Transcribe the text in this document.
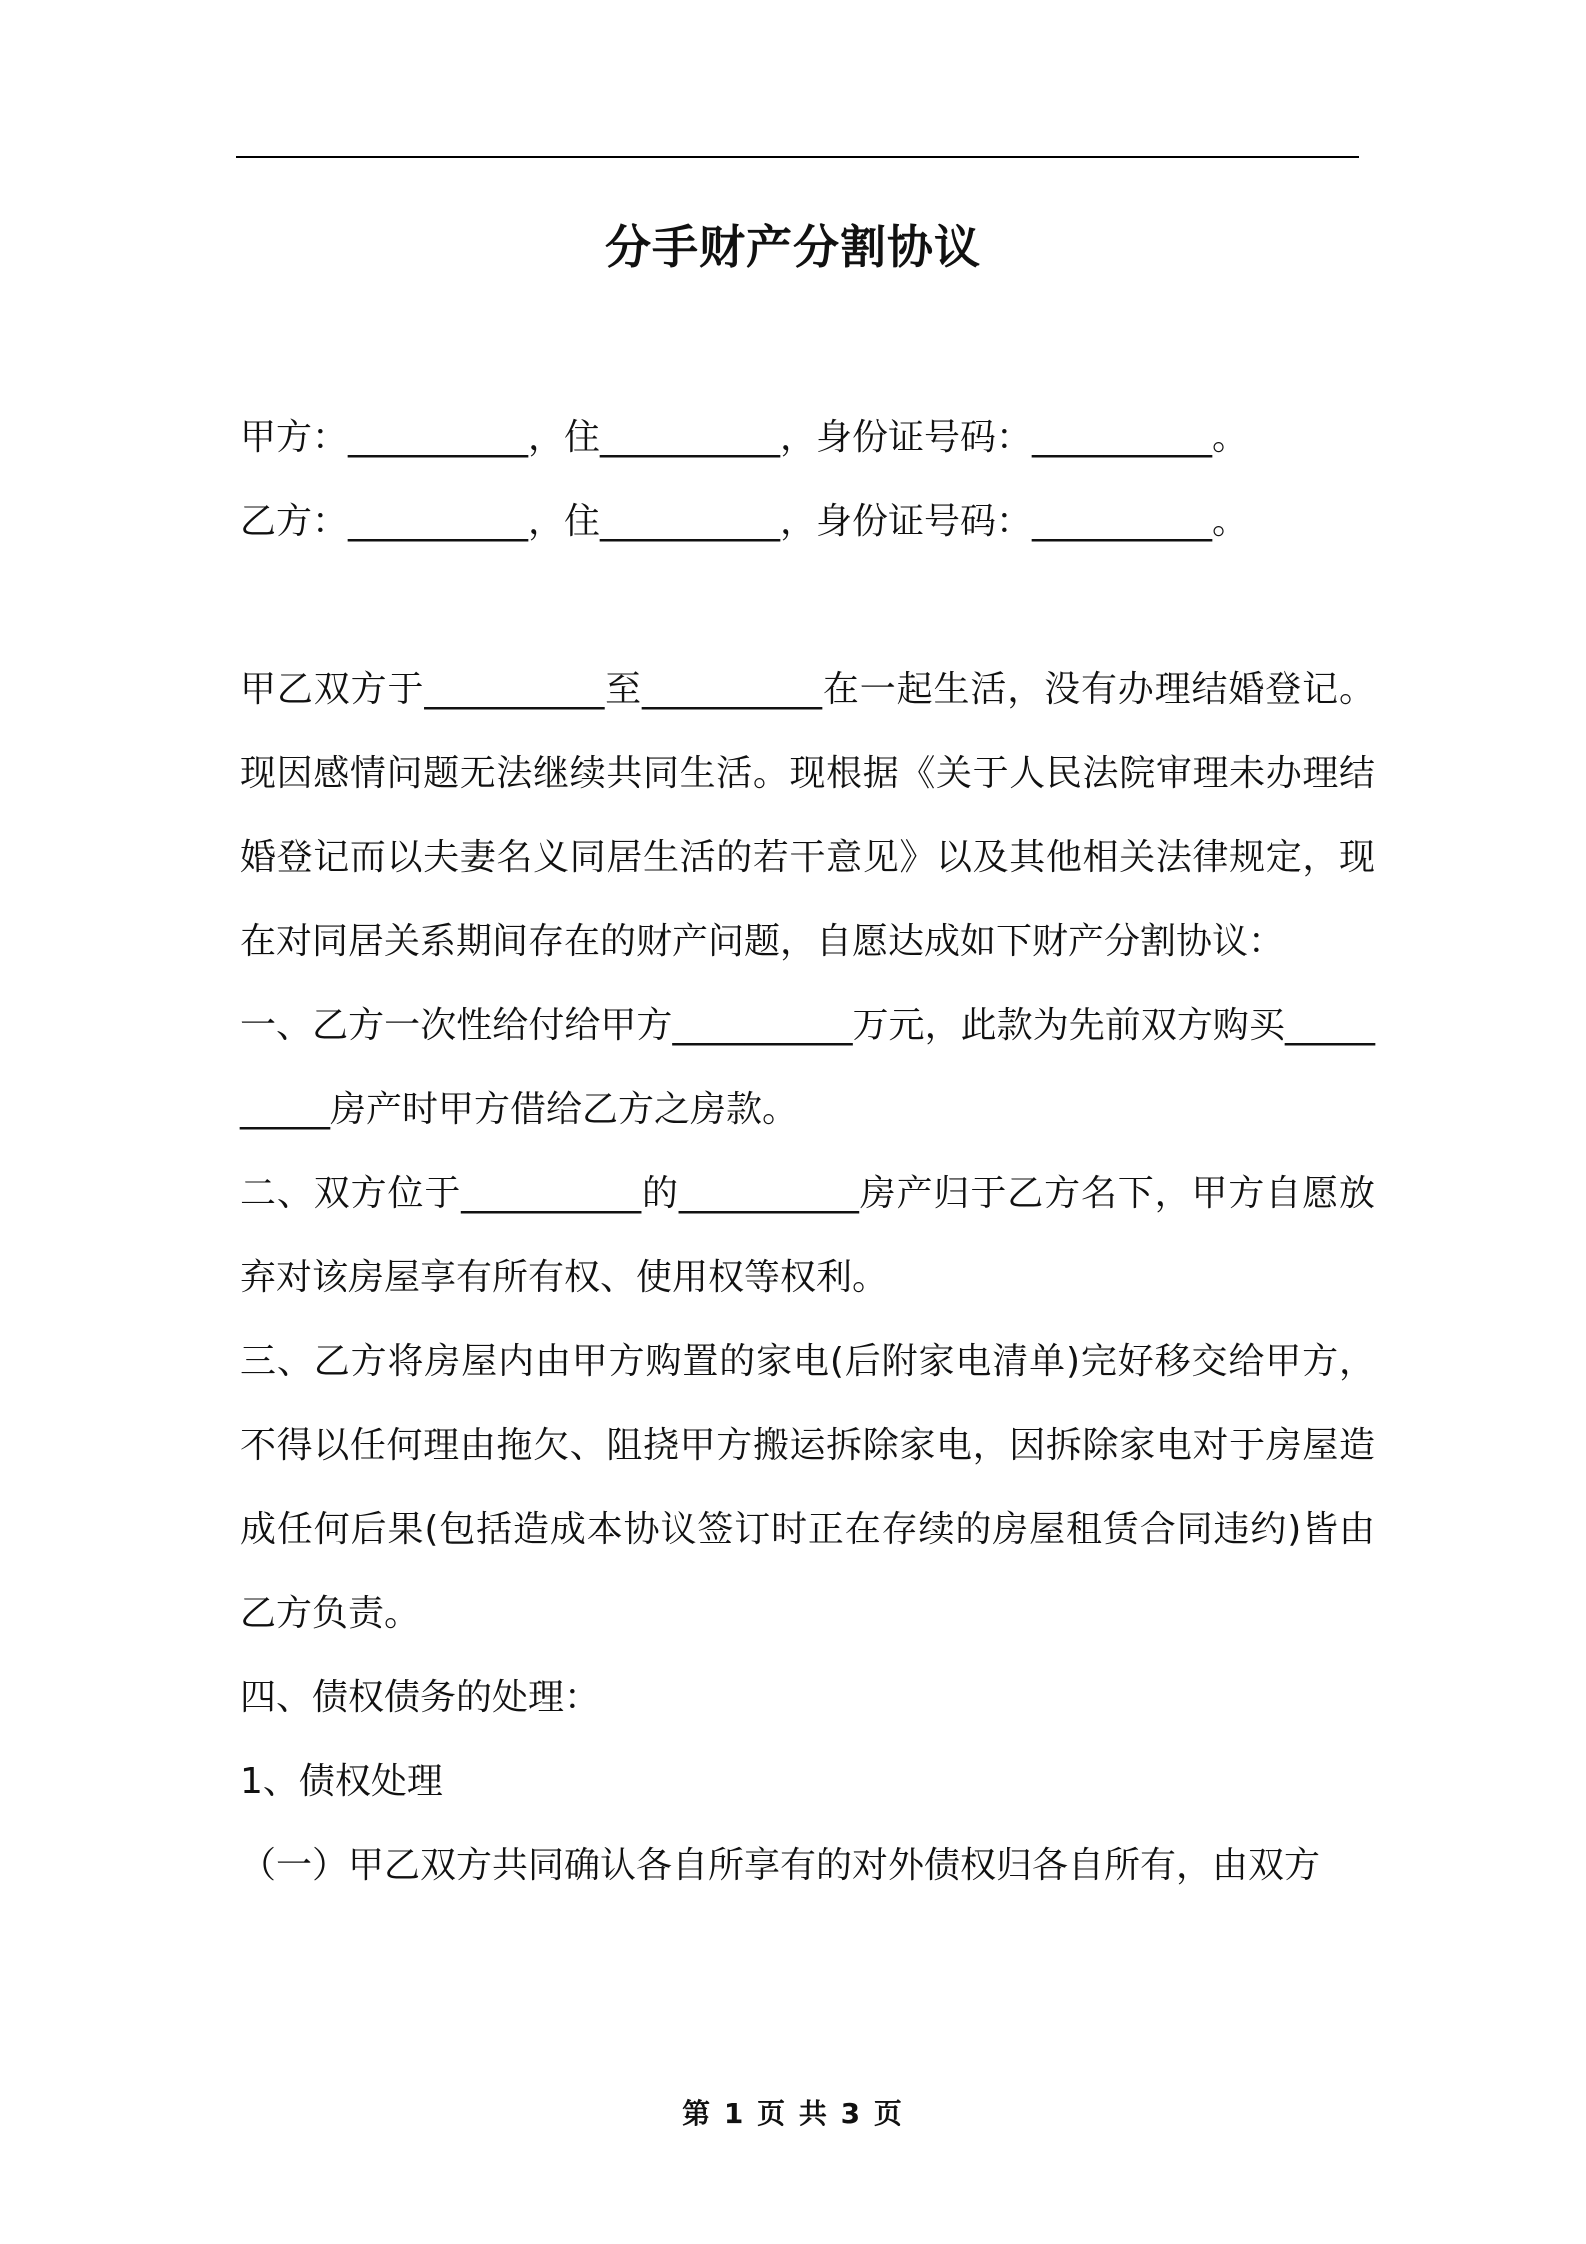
分手财产分割协议
甲方：__________，住__________，身份证号码：__________。
乙方：__________，住__________，身份证号码：__________。

甲乙双方于__________至__________在一起生活，没有办理结婚登记。现因感情问题无法继续共同生活。现根据《关于人民法院审理未办理结婚登记而以夫妻名义同居生活的若干意见》以及其他相关法律规定，现在对同居关系期间存在的财产问题，自愿达成如下财产分割协议：

一、乙方一次性给付给甲方__________万元，此款为先前双方购买__________房产时甲方借给乙方之房款。

二、双方位于__________的__________房产归于乙方名下，甲方自愿放弃对该房屋享有所有权、使用权等权利。

三、乙方将房屋内由甲方购置的家电(后附家电清单)完好移交给甲方，不得以任何理由拖欠、阻挠甲方搬运拆除家电，因拆除家电对于房屋造成任何后果(包括造成本协议签订时正在存续的房屋租赁合同违约)皆由乙方负责。

四、债权债务的处理：

1、债权处理

（一）甲乙双方共同确认各自所享有的对外债权归各自所有，由双方

第 1 页 共 3 页
